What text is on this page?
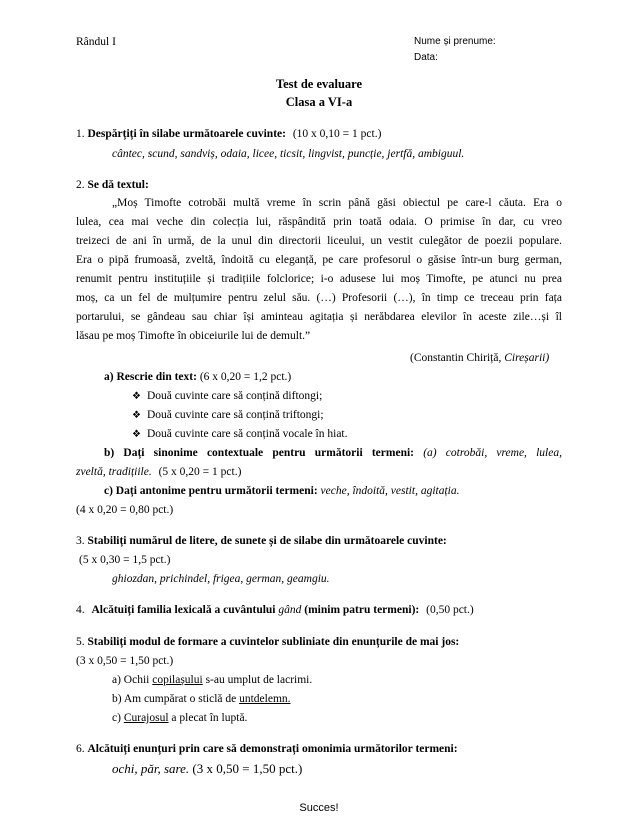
Rândul I	Nume și prenume:
Data:
Test de evaluare
Clasa a VI-a
1. Despărțiți în silabe următoarele cuvinte: (10 x 0,10 = 1 pct.)
cântec, scund, sandviș, odaia, licee, ticsit, lingvist, puncție, jertfă, ambiguul.
2. Se dă textul:
„Moș Timofte cotrobăi multă vreme în scrin până găsi obiectul pe care-l căuta. Era o
lulea, cea mai veche din colecția lui, răspândită prin toată odaia. O primise în dar, cu vreo
treizeci de ani în urmă, de la unul din directorii liceului, un vestit culegător de poezii populare.
Era o pipă frumoasă, zveltă, îndoită cu eleganță, pe care profesorul o găsise într-un burg german,
renumit pentru instituțiile și tradițiile folclorice; i-o adusese lui moș Timofte, pe atunci nu prea
moș, ca un fel de mulțumire pentru zelul său. (…) Profesorii (…), în timp ce treceau prin fața
portarului, se gândeau sau chiar își aminteau agitația și nerăbdarea elevilor în aceste zile…și îl
lăsau pe moș Timofte în obiceiurile lui de demult.”
(Constantin Chiriță, Cireșarii)
a) Rescrie din text: (6 x 0,20 = 1,2 pct.)
❖ Două cuvinte care să conțină diftongi;
❖ Două cuvinte care să conțină triftongi;
❖ Două cuvinte care să conțină vocale în hiat.
b) Dați sinonime contextuale pentru următorii termeni: (a) cotrobăi, vreme, lulea,
zveltă, tradițiile. (5 x 0,20 = 1 pct.)
c) Dați antonime pentru următorii termeni: veche, îndoită, vestit, agitația.
(4 x 0,20 = 0,80 pct.)
3. Stabiliți numărul de litere, de sunete și de silabe din următoarele cuvinte:
(5 x 0,30 = 1,5 pct.)
ghiozdan, prichindel, frigea, german, geamgiu.
4. Alcătuiți familia lexicală a cuvântului gând (minim patru termeni): (0,50 pct.)
5. Stabiliți modul de formare a cuvintelor subliniate din enunțurile de mai jos:
(3 x 0,50 = 1,50 pct.)
a) Ochii copilașului s-au umplut de lacrimi.
b) Am cumpărat o sticlă de untdelemn.
c) Curajosul a plecat în luptă.
6. Alcătuiți enunțuri prin care să demonstrați omonimia următorilor termeni:
ochi, păr, sare. (3 x 0,50 = 1,50 pct.)
Succes!
